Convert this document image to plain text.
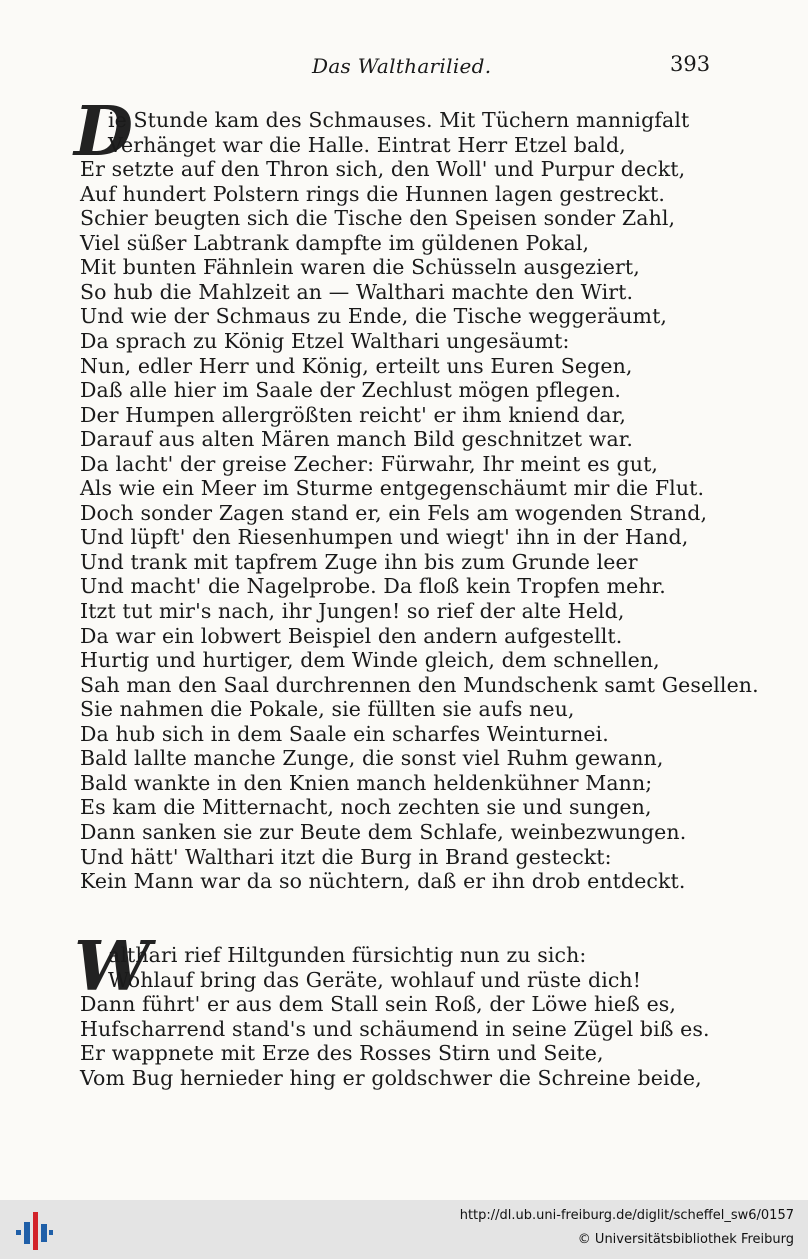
Das Waltharilied.	393
D
ie Stunde kam des Schmauses. Mit Tüchern mannigfalt
Verhänget war die Halle. Eintrat Herr Etzel bald,
Er setzte auf den Thron sich, den Woll' und Purpur deckt,
Auf hundert Polstern rings die Hunnen lagen gestreckt.
Schier beugten sich die Tische den Speisen sonder Zahl,
Viel süßer Labtrank dampfte im güldenen Pokal,
Mit bunten Fähnlein waren die Schüsseln ausgeziert,
So hub die Mahlzeit an — Walthari machte den Wirt.
Und wie der Schmaus zu Ende, die Tische weggeräumt,
Da sprach zu König Etzel Walthari ungesäumt:
Nun, edler Herr und König, erteilt uns Euren Segen,
Daß alle hier im Saale der Zechlust mögen pflegen.
Der Humpen allergrößten reicht' er ihm kniend dar,
Darauf aus alten Mären manch Bild geschnitzet war.
Da lacht' der greise Zecher: Fürwahr, Ihr meint es gut,
Als wie ein Meer im Sturme entgegenschäumt mir die Flut.
Doch sonder Zagen stand er, ein Fels am wogenden Strand,
Und lüpft' den Riesenhumpen und wiegt' ihn in der Hand,
Und trank mit tapfrem Zuge ihn bis zum Grunde leer
Und macht' die Nagelprobe. Da floß kein Tropfen mehr.
Itzt tut mir's nach, ihr Jungen! so rief der alte Held,
Da war ein lobwert Beispiel den andern aufgestellt.
Hurtig und hurtiger, dem Winde gleich, dem schnellen,
Sah man den Saal durchrennen den Mundschenk samt Gesellen.
Sie nahmen die Pokale, sie füllten sie aufs neu,
Da hub sich in dem Saale ein scharfes Weinturnei.
Bald lallte manche Zunge, die sonst viel Ruhm gewann,
Bald wankte in den Knien manch heldenkühner Mann;
Es kam die Mitternacht, noch zechten sie und sungen,
Dann sanken sie zur Beute dem Schlafe, weinbezwungen.
Und hätt' Walthari itzt die Burg in Brand gesteckt:
Kein Mann war da so nüchtern, daß er ihn drob entdeckt.
W
althari rief Hiltgunden fürsichtig nun zu sich:
Wohlauf bring das Geräte, wohlauf und rüste dich!
Dann führt' er aus dem Stall sein Roß, der Löwe hieß es,
Hufscharrend stand's und schäumend in seine Zügel biß es.
Er wappnete mit Erze des Rosses Stirn und Seite,
Vom Bug hernieder hing er goldschwer die Schreine beide,
http://dl.ub.uni-freiburg.de/diglit/scheffel_sw6/0157
© Universitätsbibliothek Freiburg
